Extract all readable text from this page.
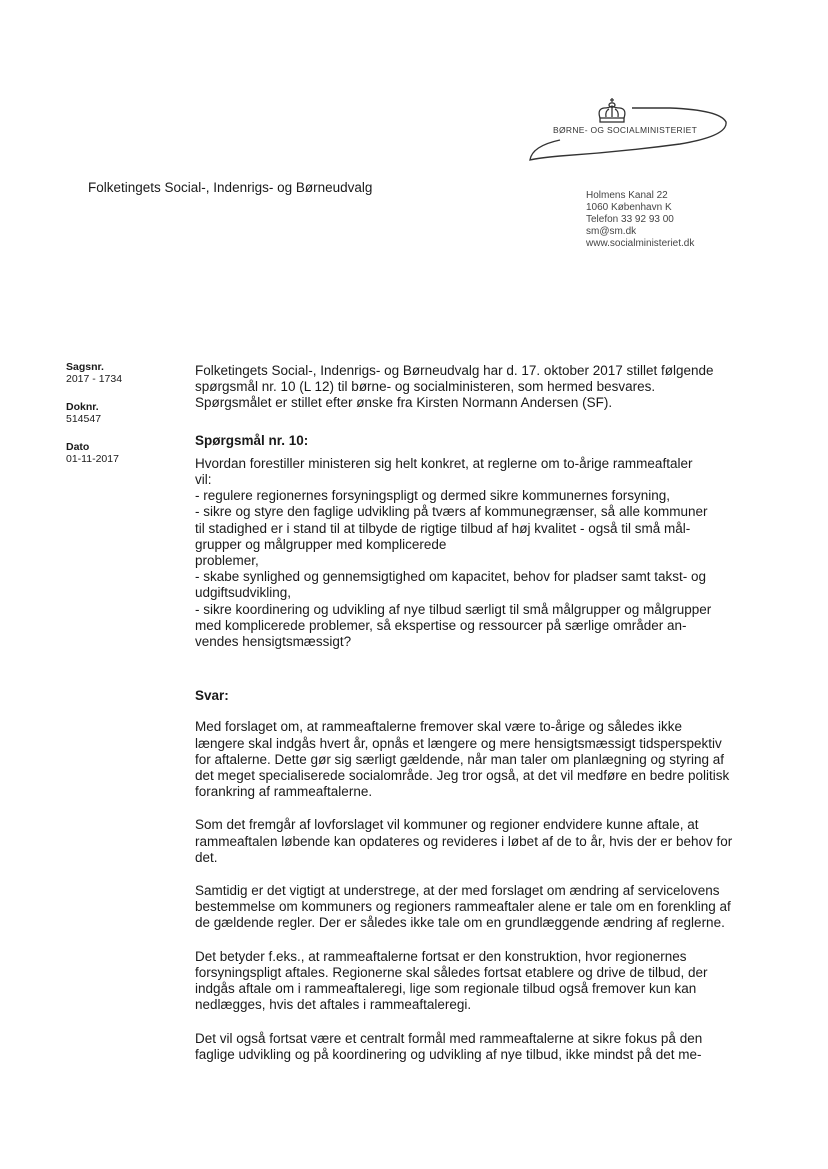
BØRNE- OG SOCIALMINISTERIET
Folketingets Social-, Indenrigs- og Børneudvalg
Holmens Kanal 22
1060 København K
Telefon 33 92 93 00
sm@sm.dk
www.socialministeriet.dk
Sagsnr.
2017 - 1734
Doknr.
514547
Dato
01-11-2017

Folketingets Social-, Indenrigs- og Børneudvalg har d. 17. oktober 2017 stillet følgende spørgsmål nr. 10 (L 12) til børne- og socialministeren, som hermed besvares. Spørgsmålet er stillet efter ønske fra Kirsten Normann Andersen (SF).

Spørgsmål nr. 10:

Hvordan forestiller ministeren sig helt konkret, at reglerne om to-årige rammeaftaler
vil:
- regulere regionernes forsyningspligt og dermed sikre kommunernes forsyning,
- sikre og styre den faglige udvikling på tværs af kommunegrænser, så alle kommuner
til stadighed er i stand til at tilbyde de rigtige tilbud af høj kvalitet - også til små mål-
grupper og målgrupper med komplicerede
problemer,
- skabe synlighed og gennemsigtighed om kapacitet, behov for pladser samt takst- og
udgiftsudvikling,
- sikre koordinering og udvikling af nye tilbud særligt til små målgrupper og målgrupper
med komplicerede problemer, så ekspertise og ressourcer på særlige områder an-
vendes hensigtsmæssigt?

Svar:

Med forslaget om, at rammeaftalerne fremover skal være to-årige og således ikke længere skal indgås hvert år, opnås et længere og mere hensigtsmæssigt tidsperspektiv for aftalerne. Dette gør sig særligt gældende, når man taler om planlægning og styring af det meget specialiserede socialområde. Jeg tror også, at det vil medføre en bedre politisk forankring af rammeaftalerne.

Som det fremgår af lovforslaget vil kommuner og regioner endvidere kunne aftale, at rammeaftalen løbende kan opdateres og revideres i løbet af de to år, hvis der er behov for det.

Samtidig er det vigtigt at understrege, at der med forslaget om ændring af servicelovens bestemmelse om kommuners og regioners rammeaftaler alene er tale om en forenkling af de gældende regler. Der er således ikke tale om en grundlæggende ændring af reglerne.

Det betyder f.eks., at rammeaftalerne fortsat er den konstruktion, hvor regionernes forsyningspligt aftales. Regionerne skal således fortsat etablere og drive de tilbud, der indgås aftale om i rammeaftaleregi, lige som regionale tilbud også fremover kun kan nedlægges, hvis det aftales i rammeaftaleregi.

Det vil også fortsat være et centralt formål med rammeaftalerne at sikre fokus på den faglige udvikling og på koordinering og udvikling af nye tilbud, ikke mindst på det me-
